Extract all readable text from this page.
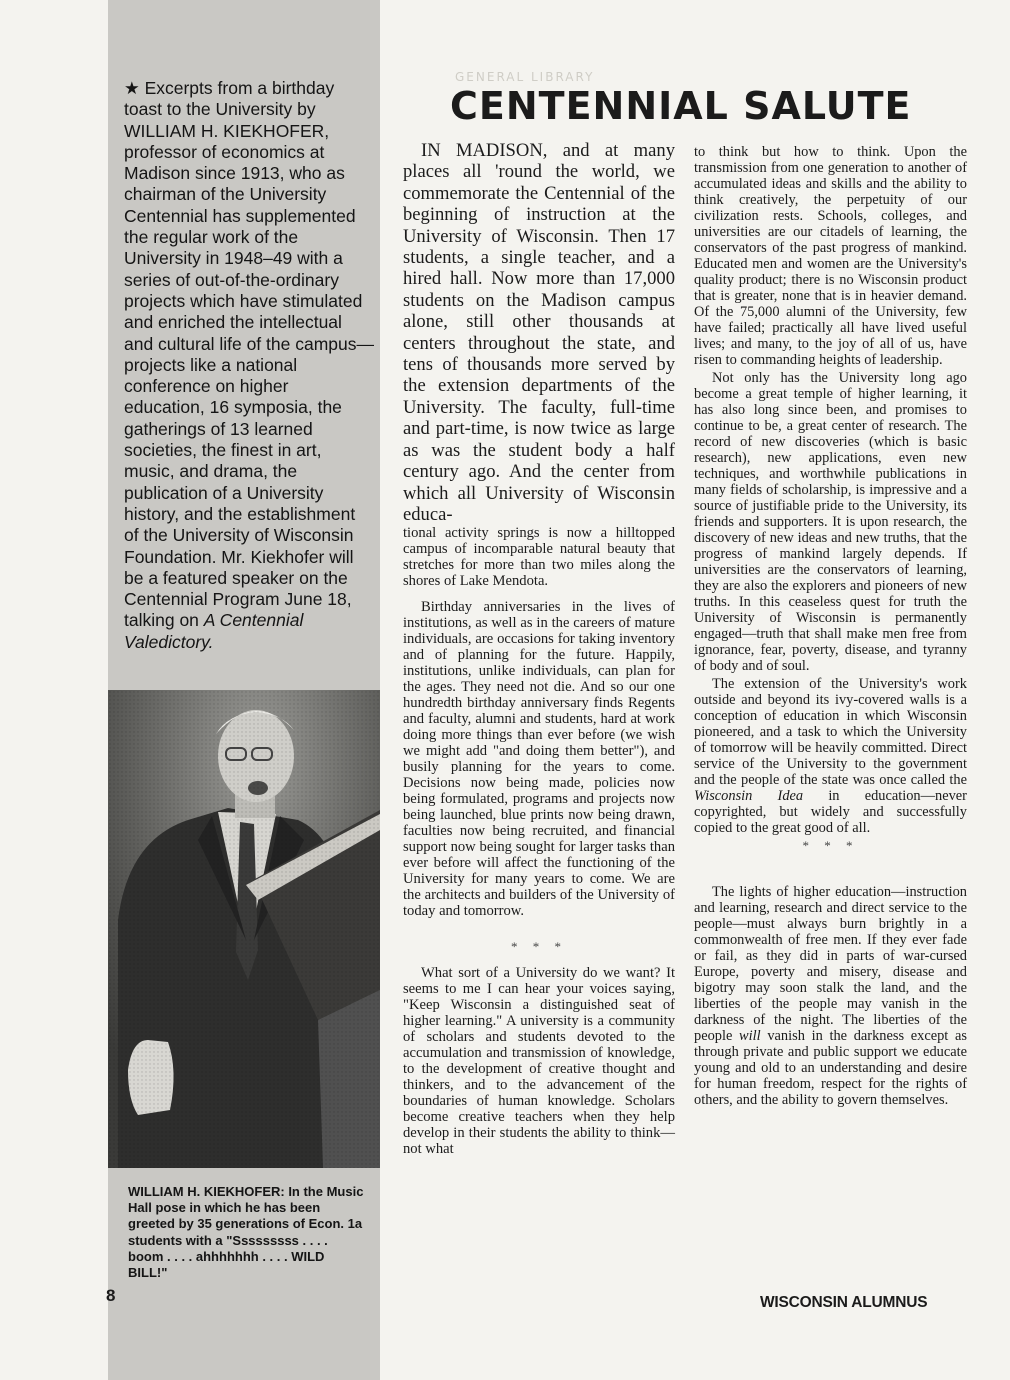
★ Excerpts from a birthday toast to the University by WILLIAM H. KIEKHOFER, professor of economics at Madison since 1913, who as chairman of the University Centennial has supplemented the regular work of the University in 1948–49 with a series of out-of-the-ordinary projects which have stimulated and enriched the intellectual and cultural life of the campus—projects like a national conference on higher education, 16 symposia, the gatherings of 13 learned societies, the finest in art, music, and drama, the publication of a University history, and the establishment of the University of Wisconsin Foundation. Mr. Kiekhofer will be a featured speaker on the Centennial Program June 18, talking on A Centennial Valedictory.
WILLIAM H. KIEKHOFER: In the Music Hall pose in which he has been greeted by 35 generations of Econ. 1a students with a "Sssssssss . . . . boom . . . . ahhhhhhh . . . . WILD BILL!"
8
GENERAL LIBRARY
CENTENNIAL SALUTE

IN MADISON, and at many places all 'round the world, we commemorate the Centennial of the beginning of instruction at the University of Wisconsin. Then 17 students, a single teacher, and a hired hall. Now more than 17,000 students on the Madison campus alone, still other thousands at centers throughout the state, and tens of thousands more served by the extension departments of the University. The faculty, full-time and part-time, is now twice as large as was the student body a half century ago. And the center from which all University of Wisconsin educa-

tional activity springs is now a hilltopped campus of incomparable natural beauty that stretches for more than two miles along the shores of Lake Mendota.

Birthday anniversaries in the lives of institutions, as well as in the careers of mature individuals, are occasions for taking inventory and of planning for the future. Happily, institutions, unlike individuals, can plan for the ages. They need not die. And so our one hundredth birthday anniversary finds Regents and faculty, alumni and students, hard at work doing more things than ever before (we wish we might add "and doing them better"), and busily planning for the years to come. Decisions now being made, policies now being formulated, programs and projects now being launched, blue prints now being drawn, faculties now being recruited, and financial support now being sought for larger tasks than ever before will affect the functioning of the University for many years to come. We are the architects and builders of the University of today and tomorrow.

* * *

What sort of a University do we want? It seems to me I can hear your voices saying, "Keep Wisconsin a distinguished seat of higher learning." A university is a community of scholars and students devoted to the accumulation and transmission of knowledge, to the development of creative thought and thinkers, and to the advancement of the boundaries of human knowledge. Scholars become creative teachers when they help develop in their students the ability to think—not what

to think but how to think. Upon the transmission from one generation to another of accumulated ideas and skills and the ability to think creatively, the perpetuity of our civilization rests. Schools, colleges, and universities are our citadels of learning, the conservators of the past progress of mankind. Educated men and women are the University's quality product; there is no Wisconsin product that is greater, none that is in heavier demand. Of the 75,000 alumni of the University, few have failed; practically all have lived useful lives; and many, to the joy of all of us, have risen to commanding heights of leadership.

Not only has the University long ago become a great temple of higher learning, it has also long since been, and promises to continue to be, a great center of research. The record of new discoveries (which is basic research), new applications, even new techniques, and worthwhile publications in many fields of scholarship, is impressive and a source of justifiable pride to the University, its friends and supporters. It is upon research, the discovery of new ideas and new truths, that the progress of mankind largely depends. If universities are the conservators of learning, they are also the explorers and pioneers of new truths. In this ceaseless quest for truth the University of Wisconsin is permanently engaged—truth that shall make men free from ignorance, fear, poverty, disease, and tyranny of body and of soul.

The extension of the University's work outside and beyond its ivy-covered walls is a conception of education in which Wisconsin pioneered, and a task to which the University of tomorrow will be heavily committed. Direct service of the University to the government and the people of the state was once called the Wisconsin Idea in education—never copyrighted, but widely and successfully copied to the great good of all.

* * *

The lights of higher education—instruction and learning, research and direct service to the people—must always burn brightly in a commonwealth of free men. If they ever fade or fail, as they did in parts of war-cursed Europe, poverty and misery, disease and bigotry may soon stalk the land, and the liberties of the people may vanish in the darkness of the night. The liberties of the people will vanish in the darkness except as through private and public support we educate young and old to an understanding and desire for human freedom, respect for the rights of others, and the ability to govern themselves.

WISCONSIN ALUMNUS
